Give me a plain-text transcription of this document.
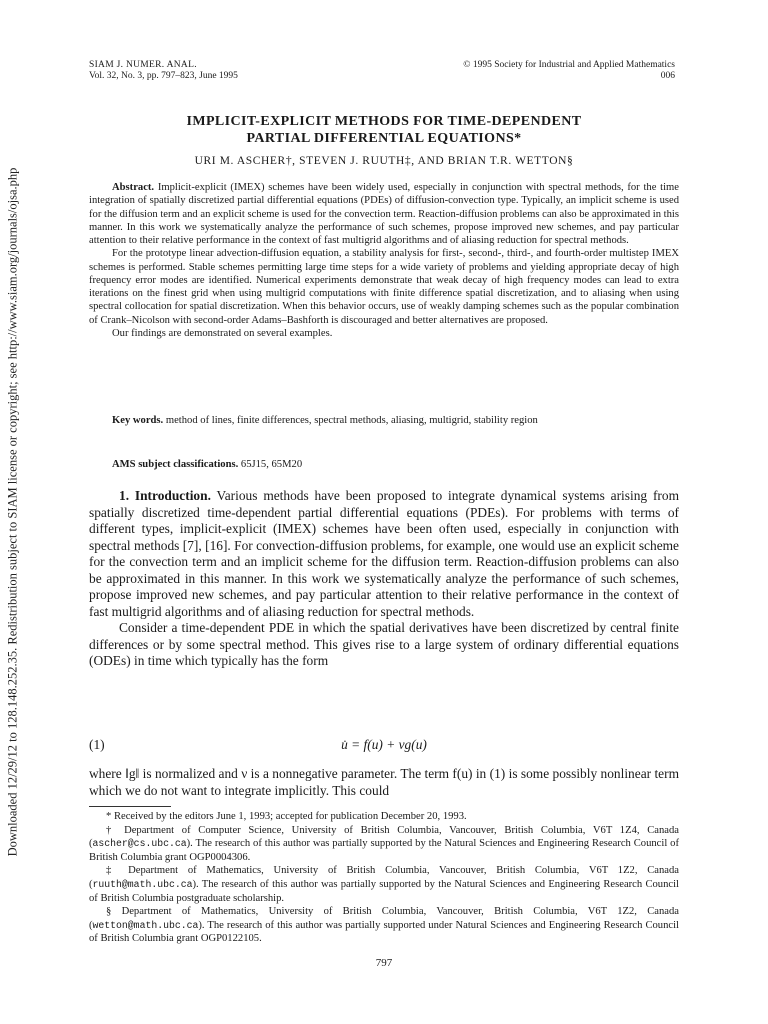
Downloaded 12/29/12 to 128.148.252.35. Redistribution subject to SIAM license or copyright; see http://www.siam.org/journals/ojsa.php
SIAM J. NUMER. ANAL.
Vol. 32, No. 3, pp. 797–823, June 1995
© 1995 Society for Industrial and Applied Mathematics
006
IMPLICIT-EXPLICIT METHODS FOR TIME-DEPENDENT
PARTIAL DIFFERENTIAL EQUATIONS*
URI M. ASCHER†, STEVEN J. RUUTH‡, AND BRIAN T.R. WETTON§

Abstract. Implicit-explicit (IMEX) schemes have been widely used, especially in conjunction with spectral methods, for the time integration of spatially discretized partial differential equations (PDEs) of diffusion-convection type. Typically, an implicit scheme is used for the diffusion term and an explicit scheme is used for the convection term. Reaction-diffusion problems can also be approximated in this manner. In this work we systematically analyze the performance of such schemes, propose improved new schemes, and pay particular attention to their relative performance in the context of fast multigrid algorithms and of aliasing reduction for spectral methods.

For the prototype linear advection-diffusion equation, a stability analysis for first-, second-, third-, and fourth-order multistep IMEX schemes is performed. Stable schemes permitting large time steps for a wide variety of problems and yielding appropriate decay of high frequency error modes are identified. Numerical experiments demonstrate that weak decay of high frequency modes can lead to extra iterations on the finest grid when using multigrid computations with finite difference spatial discretization, and to aliasing when using spectral collocation for spatial discretization. When this behavior occurs, use of weakly damping schemes such as the popular combination of Crank–Nicolson with second-order Adams–Bashforth is discouraged and better alternatives are proposed.

Our findings are demonstrated on several examples.

Key words. method of lines, finite differences, spectral methods, aliasing, multigrid, stability region
AMS subject classifications. 65J15, 65M20

1. Introduction. Various methods have been proposed to integrate dynamical systems arising from spatially discretized time-dependent partial differential equations (PDEs). For problems with terms of different types, implicit-explicit (IMEX) schemes have been often used, especially in conjunction with spectral methods [7], [16]. For convection-diffusion problems, for example, one would use an explicit scheme for the convection term and an implicit scheme for the diffusion term. Reaction-diffusion problems can also be approximated in this manner. In this work we systematically analyze the performance of such schemes, propose improved new schemes, and pay particular attention to their relative performance in the context of fast multigrid algorithms and of aliasing reduction for spectral methods.

Consider a time-dependent PDE in which the spatial derivatives have been discretized by central finite differences or by some spectral method. This gives rise to a large system of ordinary differential equations (ODEs) in time which typically has the form

(1)	u̇ = f(u) + νg(u)

where ‖g‖ is normalized and ν is a nonnegative parameter. The term f(u) in (1) is some possibly nonlinear term which we do not want to integrate implicitly. This could

* Received by the editors June 1, 1993; accepted for publication December 20, 1993.

† Department of Computer Science, University of British Columbia, Vancouver, British Columbia, V6T 1Z4, Canada (ascher@cs.ubc.ca). The research of this author was partially supported by the Natural Sciences and Engineering Research Council of British Columbia grant OGP0004306.

‡ Department of Mathematics, University of British Columbia, Vancouver, British Columbia, V6T 1Z2, Canada (ruuth@math.ubc.ca). The research of this author was partially supported by the Natural Sciences and Engineering Research Council of British Columbia postgraduate scholarship.

§ Department of Mathematics, University of British Columbia, Vancouver, British Columbia, V6T 1Z2, Canada (wetton@math.ubc.ca). The research of this author was partially supported under Natural Sciences and Engineering Research Council of British Columbia grant OGP0122105.

797
